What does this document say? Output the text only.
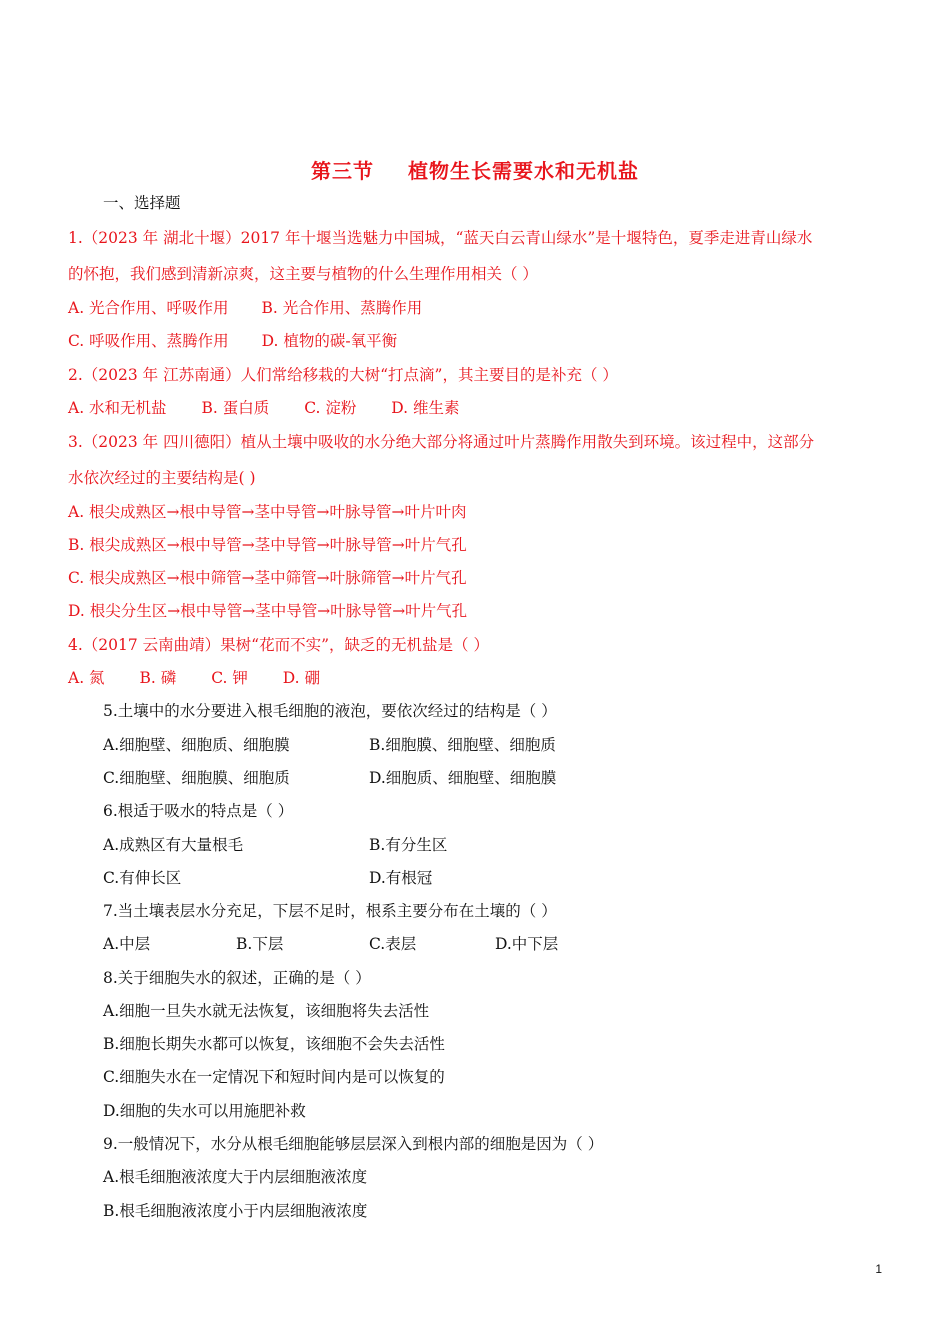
第三节 植物生长需要水和无机盐
一、选择题
1.（2023 年 湖北十堰）2017 年十堰当选魅力中国城，“蓝天白云青山绿水”是十堰特色，夏季走进青山绿水
的怀抱，我们感到清新凉爽，这主要与植物的什么生理作用相关（ ）
A. 光合作用、呼吸作用 B. 光合作用、蒸腾作用
C. 呼吸作用、蒸腾作用 D. 植物的碳-氧平衡
2.（2023 年 江苏南通）人们常给移栽的大树“打点滴”，其主要目的是补充（ ）
A. 水和无机盐 B. 蛋白质 C. 淀粉 D. 维生素
3.（2023 年 四川德阳）植从土壤中吸收的水分绝大部分将通过叶片蒸腾作用散失到环境。该过程中，这部分
水依次经过的主要结构是( )
A. 根尖成熟区→根中导管→茎中导管→叶脉导管→叶片叶肉
B. 根尖成熟区→根中导管→茎中导管→叶脉导管→叶片气孔
C. 根尖成熟区→根中筛管→茎中筛管→叶脉筛管→叶片气孔
D. 根尖分生区→根中导管→茎中导管→叶脉导管→叶片气孔
4.（2017 云南曲靖）果树“花而不实”，缺乏的无机盐是（ ）
A. 氮 B. 磷 C. 钾 D. 硼
5.土壤中的水分要进入根毛细胞的液泡，要依次经过的结构是（ ）
A.细胞壁、细胞质、细胞膜	B.细胞膜、细胞壁、细胞质
C.细胞壁、细胞膜、细胞质	D.细胞质、细胞壁、细胞膜
6.根适于吸水的特点是（ ）
A.成熟区有大量根毛	B.有分生区
C.有伸长区	D.有根冠
7.当土壤表层水分充足，下层不足时，根系主要分布在土壤的（ ）
A.中层	B.下层	C.表层	D.中下层
8.关于细胞失水的叙述，正确的是（ ）
A.细胞一旦失水就无法恢复，该细胞将失去活性
B.细胞长期失水都可以恢复，该细胞不会失去活性
C.细胞失水在一定情况下和短时间内是可以恢复的
D.细胞的失水可以用施肥补救
9.一般情况下，水分从根毛细胞能够层层深入到根内部的细胞是因为（ ）
A.根毛细胞液浓度大于内层细胞液浓度
B.根毛细胞液浓度小于内层细胞液浓度
1
